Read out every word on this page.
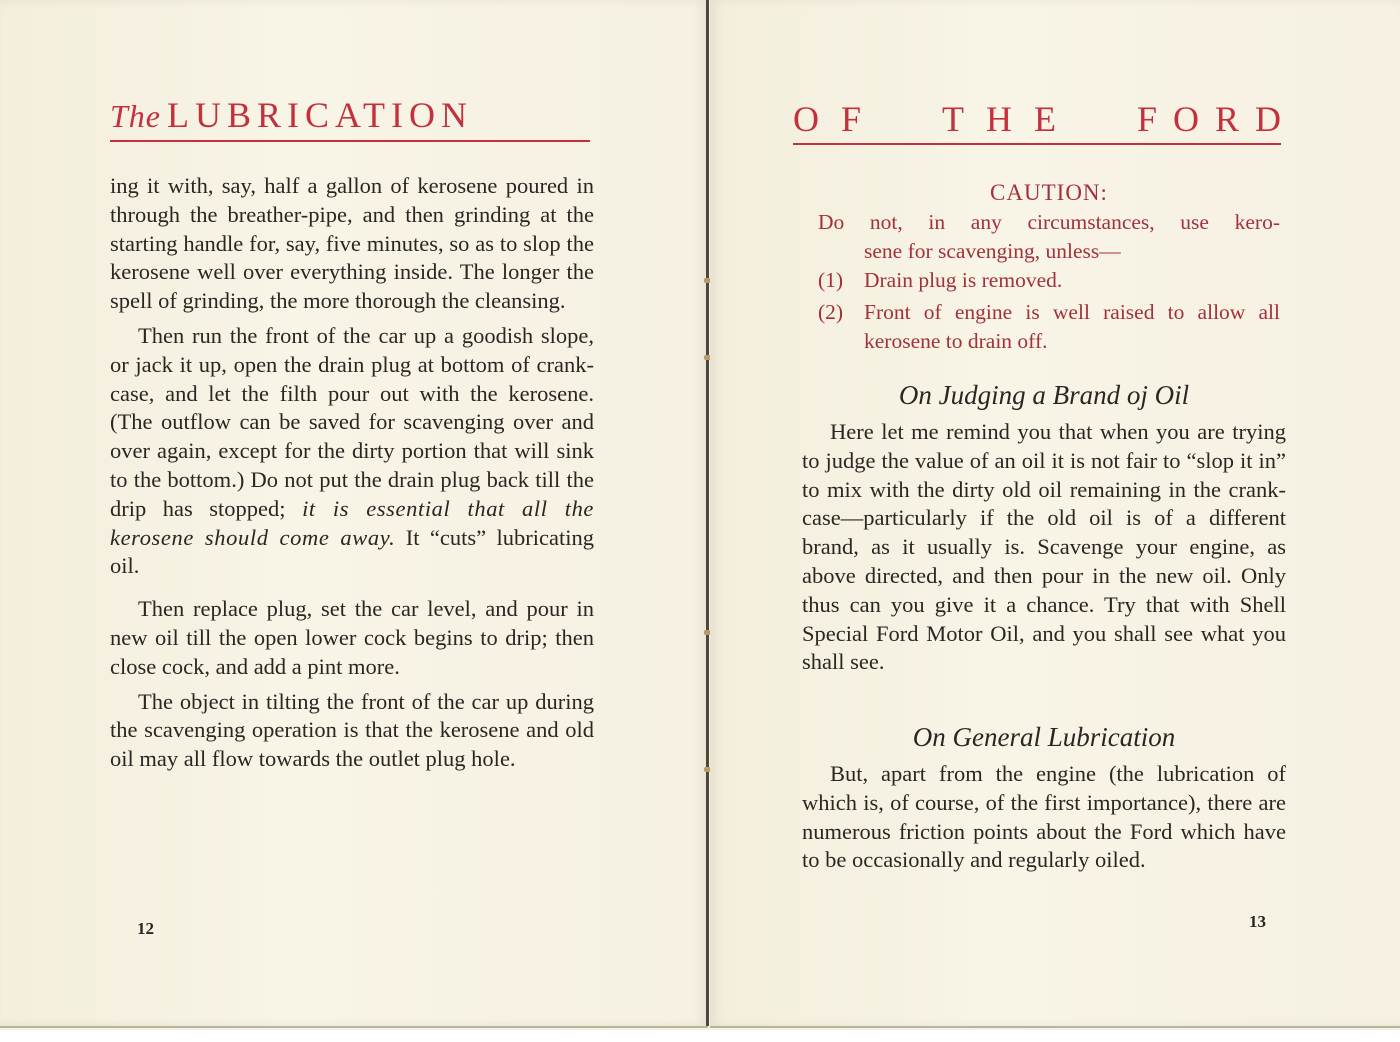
The LUBRICATION

ing it with, say, half a gallon of kerosene poured in through the breather-pipe, and then grinding at the starting handle for, say, five minutes, so as to slop the kerosene well over everything inside. The longer the spell of grinding, the more thorough the cleansing.

Then run the front of the car up a goodish slope, or jack it up, open the drain plug at bottom of crank-case, and let the filth pour out with the kerosene. (The outflow can be saved for scavenging over and over again, except for the dirty portion that will sink to the bottom.) Do not put the drain plug back till the drip has stopped; it is essential that all the kerosene should come away. It “cuts” lubricating oil.

Then replace plug, set the car level, and pour in new oil till the open lower cock begins to drip; then close cock, and add a pint more.

The object in tilting the front of the car up during the scavenging operation is that the kerosene and old oil may all flow towards the outlet plug hole.

12
OF THE FORD
CAUTION:

Do not, in any circumstances, use kero-

sene for scavenging, unless—

(1) Drain plug is removed.
(2) Front of engine is well raised to allow all kerosene to drain off.
On Judging a Brand oj Oil

Here let me remind you that when you are trying to judge the value of an oil it is not fair to “slop it in” to mix with the dirty old oil remaining in the crank-case—particularly if the old oil is of a different brand, as it usually is. Scavenge your engine, as above directed, and then pour in the new oil. Only thus can you give it a chance. Try that with Shell Special Ford Motor Oil, and you shall see what you shall see.

On General Lubrication

But, apart from the engine (the lubrication of which is, of course, of the first importance), there are numerous friction points about the Ford which have to be occasionally and regularly oiled.

13
